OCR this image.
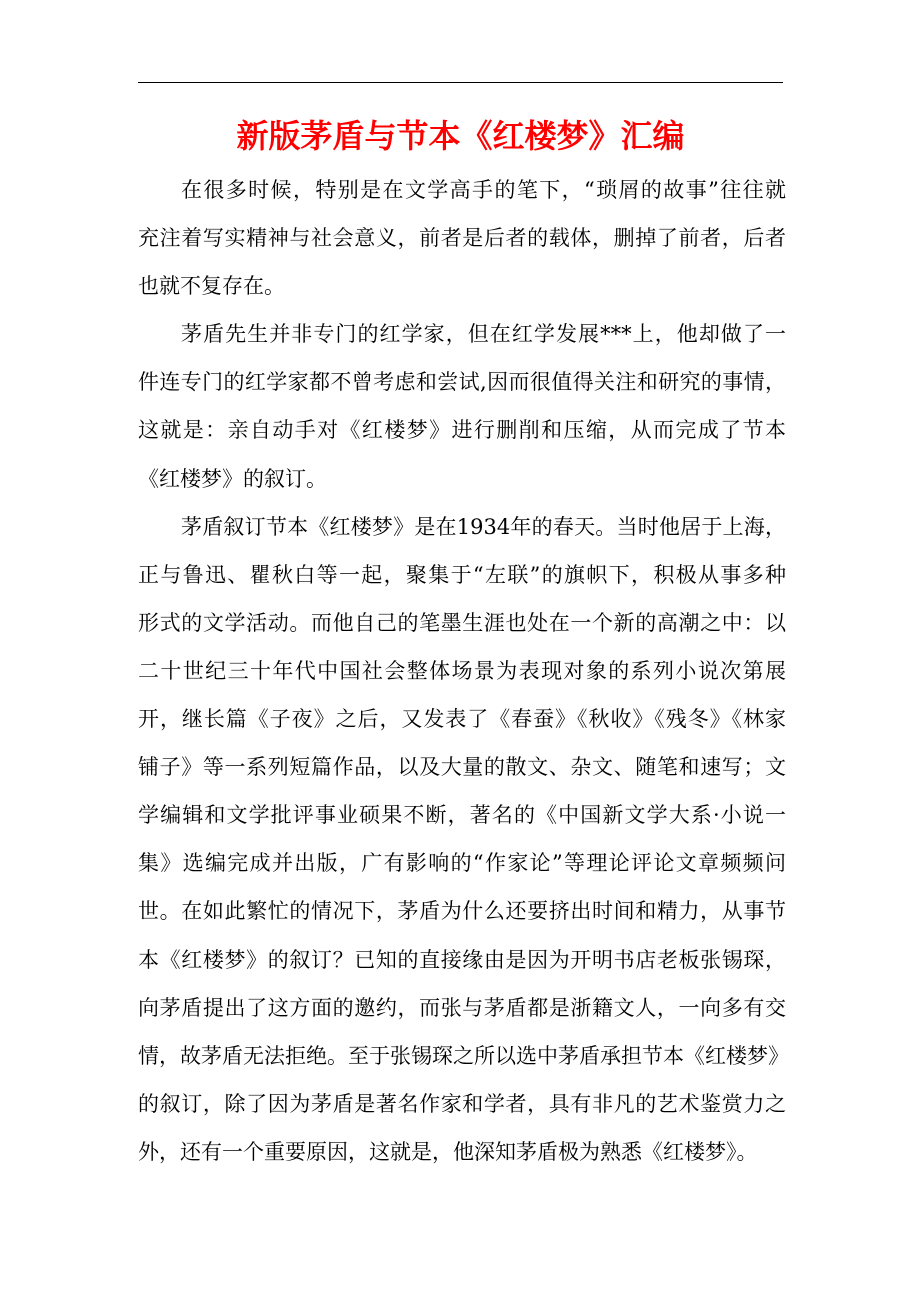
新版茅盾与节本《红楼梦》汇编
在很多时候，特别是在文学高手的笔下，“琐屑的故事”往往就
充注着写实精神与社会意义，前者是后者的载体，删掉了前者，后者
也就不复存在。
茅盾先生并非专门的红学家，但在红学发展***上，他却做了一
件连专门的红学家都不曾考虑和尝试,因而很值得关注和研究的事情，
这就是：亲自动手对《红楼梦》进行删削和压缩，从而完成了节本
《红楼梦》的叙订。
茅盾叙订节本《红楼梦》是在1934年的春天。当时他居于上海，
正与鲁迅、瞿秋白等一起，聚集于“左联”的旗帜下，积极从事多种
形式的文学活动。而他自己的笔墨生涯也处在一个新的高潮之中：以
二十世纪三十年代中国社会整体场景为表现对象的系列小说次第展
开，继长篇《子夜》之后，又发表了《春蚕》《秋收》《残冬》《林家
铺子》等一系列短篇作品，以及大量的散文、杂文、随笔和速写；文
学编辑和文学批评事业硕果不断，著名的《中国新文学大系·小说一
集》选编完成并出版，广有影响的“作家论”等理论评论文章频频问
世。在如此繁忙的情况下，茅盾为什么还要挤出时间和精力，从事节
本《红楼梦》的叙订？已知的直接缘由是因为开明书店老板张锡琛，
向茅盾提出了这方面的邀约，而张与茅盾都是浙籍文人，一向多有交
情，故茅盾无法拒绝。至于张锡琛之所以选中茅盾承担节本《红楼梦》
的叙订，除了因为茅盾是著名作家和学者，具有非凡的艺术鉴赏力之
外，还有一个重要原因，这就是，他深知茅盾极为熟悉《红楼梦》。
